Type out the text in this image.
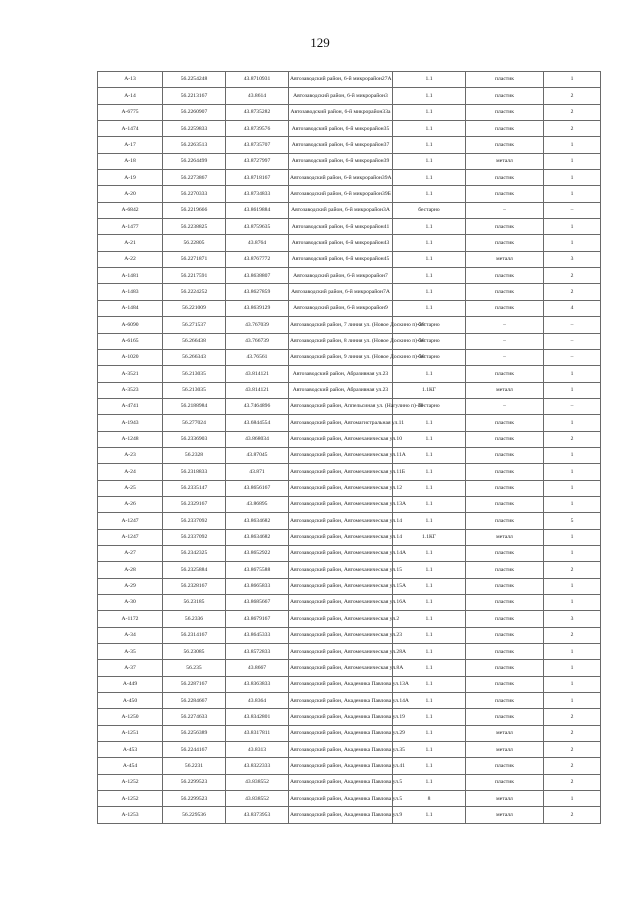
129
А-13	56.2254248	43.8710931	Автозаводский район, 6-й микрорайон27А	1.1	пластик	1
А-14	56.2213167	43.8614	Автозаводский район, 6-й микрорайон3	1.1	пластик	2
А-6775	56.2260907	43.8735282	Автозаводский район, 6-й микрорайон33а	1.1	пластик	2
А-1474	56.2259833	43.8739576	Автозаводский район, 6-й микрорайон35	1.1	пластик	2
А-17	56.2263513	43.8735707	Автозаводский район, 6-й микрорайон37	1.1	пластик	1
А-18	56.2264499	43.8727997	Автозаводский район, 6-й микрорайон39	1.1	металл	1
А-19	56.2273867	43.8718167	Автозаводский район, 6-й микрорайон39А	1.1	пластик	1
А-20	56.2270333	43.8734833	Автозаводский район, 6-й микрорайон39Б	1.1	пластик	1
А-6842	56.2219666	43.8619884	Автозаводский район, 6-й микрорайон3А	бестарно	–	–
А-1477	56.2238825	43.8759635	Автозаводский район, 6-й микрорайон41	1.1	пластик	1
А-21	56.22805	43.8764	Автозаводский район, 6-й микрорайон43	1.1	пластик	1
А-22	56.2271871	43.8767772	Автозаводский район, 6-й микрорайон45	1.1	металл	3
А-1481	56.2217591	43.8638807	Автозаводский район, 6-й микрорайон7	1.1	пластик	2
А-1483	56.2224252	43.8627859	Автозаводский район, 6-й микрорайон7А	1.1	пластик	2
А-1484	56.221009	43.8639129	Автозаводский район, 6-й микрорайон9	1.1	пластик	4
А-6090	56.271537	43.767039	Автозаводский район, 7 линия ул. (Новое Доскино п)-29	бестарно	–	–
А-6165	56.266438	43.766739	Автозаводский район, 8 линия ул. (Новое Доскино п)-30	бестарно	–	–
А-1020	56.266343	43.76561	Автозаводский район, 9 линия ул. (Новое Доскино п)-30	бестарно	–	–
А-3521	56.213035	43.814121	Автозаводский район, Абразивная ул.23	1.1	пластик	1
А-3523	56.213035	43.814121	Автозаводский район, Абразивная ул.23	1.1КГ	металл	1
А-4741	56.2188984	43.7464896	Автозаводский район, Аппельсиная ул. (Нагулино п)-39	бестарно	–	–
А-1943	56.277024	43.6844554	Автозаводский район, Автомагистральная ул.11	1.1	пластик	1
А-1248	56.2336903	43.868034	Автозаводский район, Автомеханическая ул.10	1.1	пластик	2
А-23	56.2328	43.87045	Автозаводский район, Автомеханическая ул.11А	1.1	пластик	1
А-24	56.2318833	43.871	Автозаводский район, Автомеханическая ул.11Б	1.1	пластик	1
А-25	56.2335147	43.8656167	Автозаводский район, Автомеханическая ул.12	1.1	пластик	1
А-26	56.2329167	43.86895	Автозаводский район, Автомеханическая ул.13А	1.1	пластик	1
А-1247	56.2337092	43.8634682	Автозаводский район, Автомеханическая ул.14	1.1	пластик	5
А-1247	56.2337092	43.8634682	Автозаводский район, Автомеханическая ул.14	1.1КГ	металл	1
А-27	56.2342325	43.8652922	Автозаводский район, Автомеханическая ул.14А	1.1	пластик	1
А-28	56.2325884	43.8675588	Автозаводский район, Автомеханическая ул.15	1.1	пластик	2
А-29	56.2328167	43.8665833	Автозаводский район, Автомеханическая ул.15А	1.1	пластик	1
А-30	56.23185	43.8685667	Автозаводский район, Автомеханическая ул.16А	1.1	пластик	1
А-1172	56.2336	43.8679167	Автозаводский район, Автомеханическая ул.2	1.1	пластик	3
А-34	56.2314167	43.8645333	Автозаводский район, Автомеханическая ул.23	1.1	пластик	2
А-35	56.23085	43.8572833	Автозаводский район, Автомеханическая ул.28А	1.1	пластик	1
А-37	56.235	43.8667	Автозаводский район, Автомеханическая ул.8А	1.1	пластик	1
А-449	56.2287167	43.8363833	Автозаводский район, Академика Павлова ул.13А	1.1	пластик	1
А-450	56.2284667	43.8364	Автозаводский район, Академика Павлова ул.14А	1.1	пластик	1
А-1250	56.2274633	43.8342801	Автозаводский район, Академика Павлова ул.19	1.1	пластик	2
А-1251	56.2256389	43.8317811	Автозаводский район, Академика Павлова ул.29	1.1	металл	2
А-453	56.2244167	43.8313	Автозаводский район, Академика Павлова ул.35	1.1	металл	2
А-454	56.2231	43.8322333	Автозаводский район, Академика Павлова ул.41	1.1	пластик	2
А-1252	56.2299523	43.838552	Автозаводский район, Академика Павлова ул.5	1.1	пластик	2
А-1252	56.2299523	43.838552	Автозаводский район, Академика Павлова ул.5	8	металл	1
А-1253	56.229536	43.8373953	Автозаводский район, Академика Павлова ул.9	1.1	металл	2
